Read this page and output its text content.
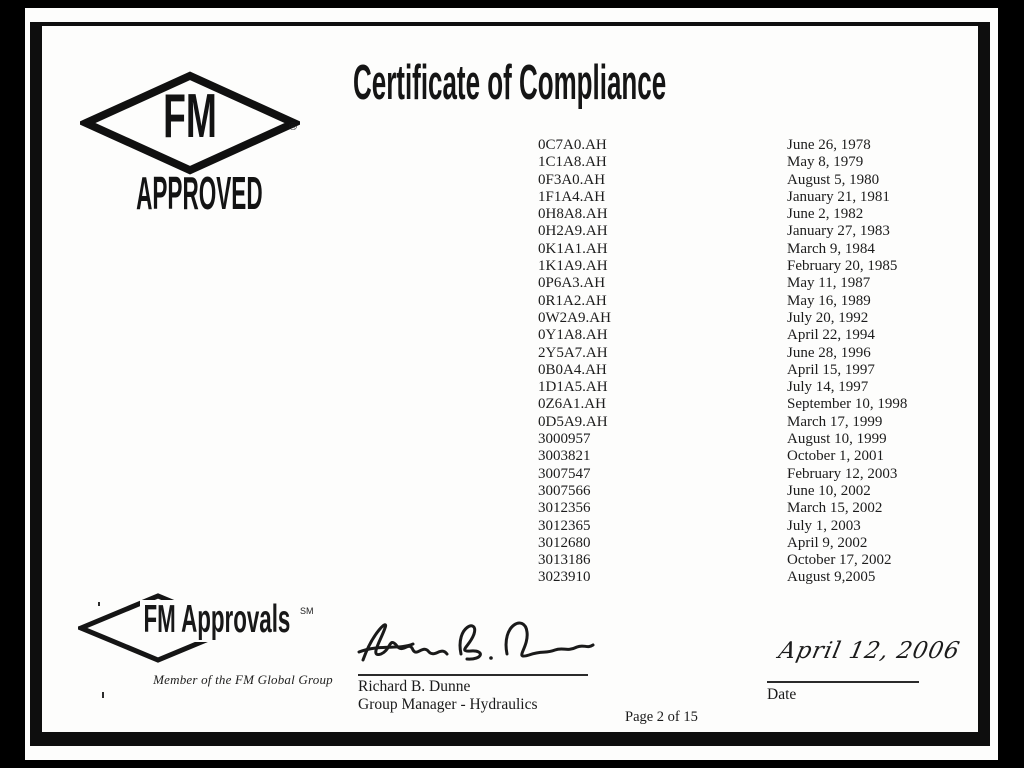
Certificate of Compliance
FM	®
APPROVED
0C7A0.AH	June 26, 1978
1C1A8.AH	May 8, 1979
0F3A0.AH	August 5, 1980
1F1A4.AH	January 21, 1981
0H8A8.AH	June 2, 1982
0H2A9.AH	January 27, 1983
0K1A1.AH	March 9, 1984
1K1A9.AH	February 20, 1985
0P6A3.AH	May 11, 1987
0R1A2.AH	May 16, 1989
0W2A9.AH	July 20, 1992
0Y1A8.AH	April 22, 1994
2Y5A7.AH	June 28, 1996
0B0A4.AH	April 15, 1997
1D1A5.AH	July 14, 1997
0Z6A1.AH	September 10, 1998
0D5A9.AH	March 17, 1999
3000957	August 10, 1999
3003821	October 1, 2001
3007547	February 12, 2003
3007566	June 10, 2002
3012356	March 15, 2002
3012365	July 1, 2003
3012680	April 9, 2002
3013186	October 17, 2002
3023910	August 9,2005
FM Approvals	SM
Member of the FM Global Group	Richard B. Dunne
Group Manager - Hydraulics
April 12, 2006
Date
Page 2 of 15
